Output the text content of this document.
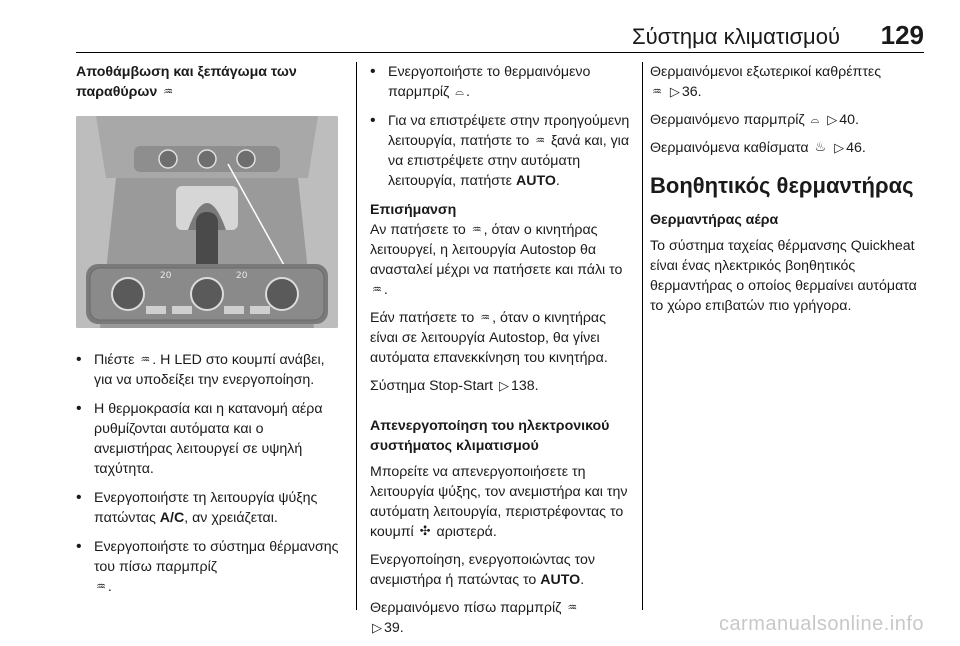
Σύστημα κλιματισμού 129
Αποθάμβωση και ξεπάγωμα των
παραθύρων ♒
20	20
• Πιέστε ♒ . Η LED στο κουμπί ανάβει, για να υποδείξει την ενεργοποίηση.
• Η θερμοκρασία και η κατανομή αέρα ρυθμίζονται αυτόματα και ο ανεμιστήρας λειτουργεί σε υψηλή ταχύτητα.
• Ενεργοποιήστε τη λειτουργία ψύξης πατώντας A/C, αν χρειάζεται.
• Ενεργοποιήστε το σύστημα θέρμανσης του πίσω παρμπρίζ
♒ .
• Ενεργοποιήστε το θερμαινόμενο παρμπρίζ ⌓ .
• Για να επιστρέψετε στην προηγούμενη λειτουργία, πατήστε το ♒ ξανά και, για να επιστρέψετε στην αυτόματη λειτουργία, πατήστε AUTO.
Επισήμανση

Αν πατήσετε το ♒ , όταν ο κινητήρας λειτουργεί, η λειτουργία Autostop θα ανασταλεί μέχρι να πατήσετε και πάλι το ♒ .

Εάν πατήσετε το ♒ , όταν ο κινητήρας είναι σε λειτουργία Autostop, θα γίνει αυτόματα επανεκκίνηση του κινητήρα.

Σύστημα Stop-Start ▷ 138.

Απενεργοποίηση του ηλεκτρονικού συστήματος κλιματισμού

Μπορείτε να απενεργοποιήσετε τη λειτουργία ψύξης, τον ανεμιστήρα και την αυτόματη λειτουργία, περιστρέφοντας το κουμπί ✣ αριστερά.

Ενεργοποίηση, ενεργοποιώντας τον ανεμιστήρα ή πατώντας το AUTO.

Θερμαινόμενο πίσω παρμπρίζ ♒
▷ 39.

Θερμαινόμενοι εξωτερικοί καθρέπτες
♒ ▷ 36.

Θερμαινόμενο παρμπρίζ ⌓ ▷ 40.

Θερμαινόμενα καθίσματα ♨ ▷ 46.

Βοηθητικός θερμαντήρας
Θερμαντήρας αέρα

Το σύστημα ταχείας θέρμανσης Quickheat είναι ένας ηλεκτρικός βοηθητικός θερμαντήρας ο οποίος θερμαίνει αυτόματα το χώρο επιβατών πιο γρήγορα.

carmanualsonline.info
